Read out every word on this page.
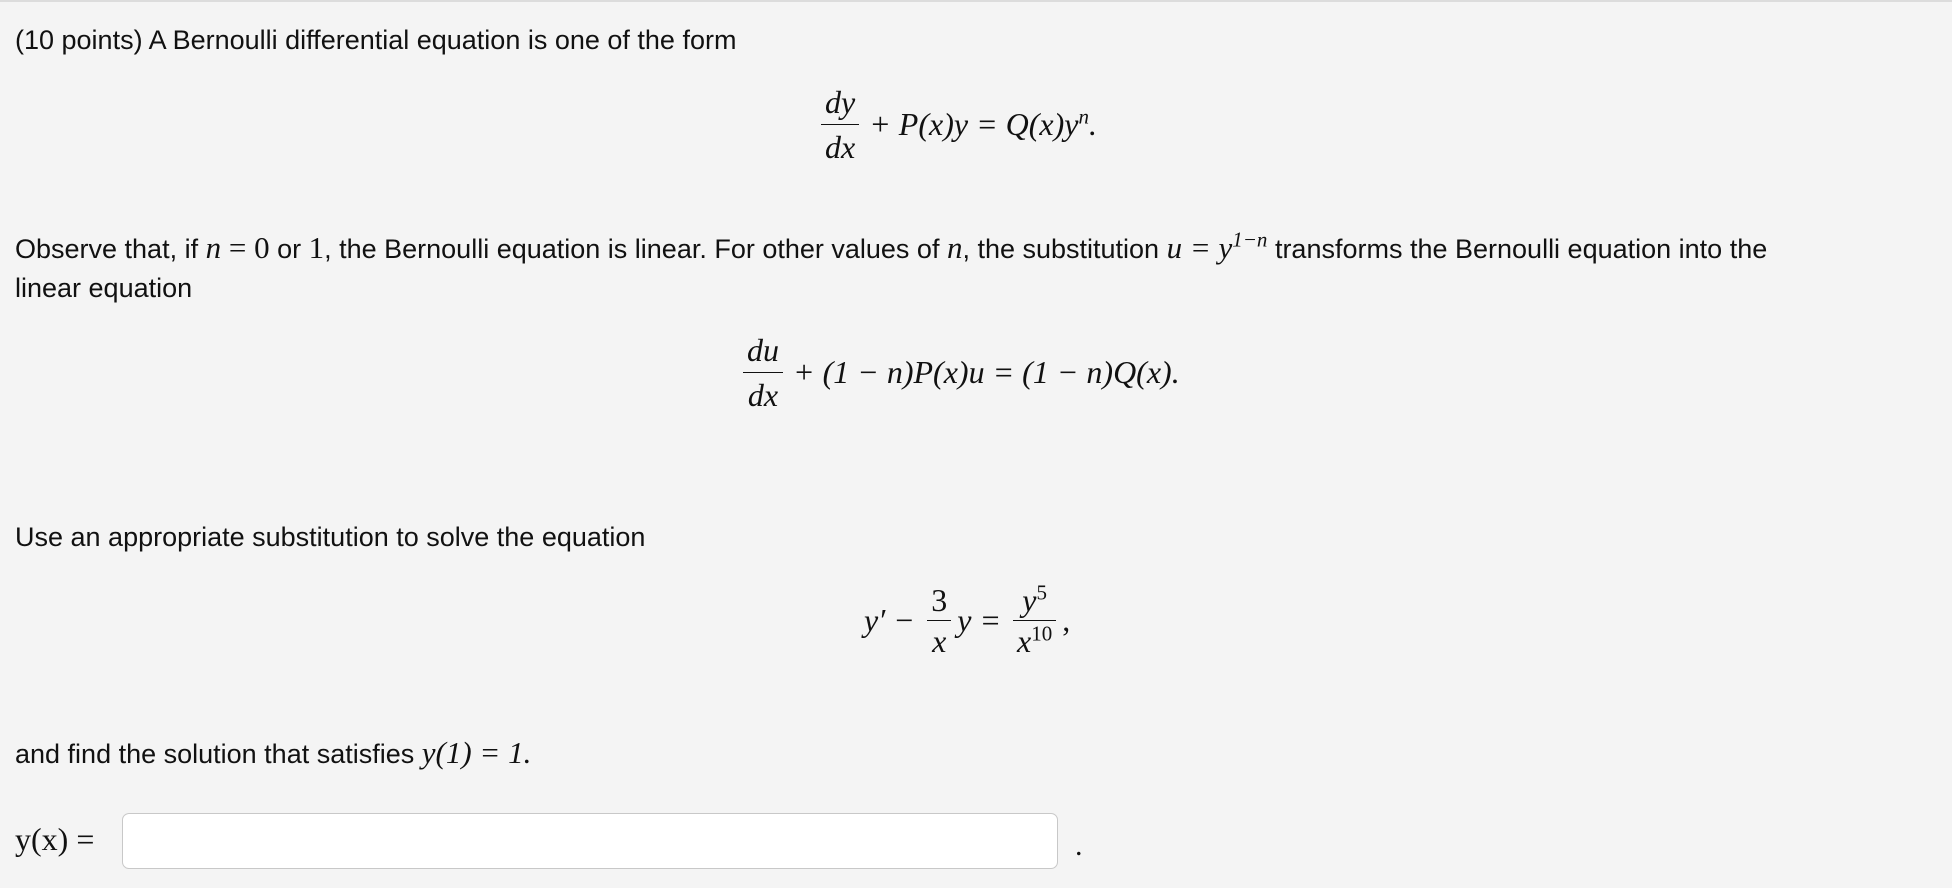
(10 points) A Bernoulli differential equation is one of the form
$\frac{dy}{dx} + P(x)y = Q(x)y^n$.
Observe that, if n = 0 or 1, the Bernoulli equation is linear. For other values of n, the substitution $u = y^{1-n}$ transforms the Bernoulli equation into the
linear equation
$\frac{du}{dx} + (1 - n)P(x)u = (1 - n)Q(x)$.
Use an appropriate substitution to solve the equation
$y' - \frac{3}{x}$ $y = \frac{y^5}{x^{10}}$ ,
and find the solution that satisfies y(1) = 1.
y(x) =	.
